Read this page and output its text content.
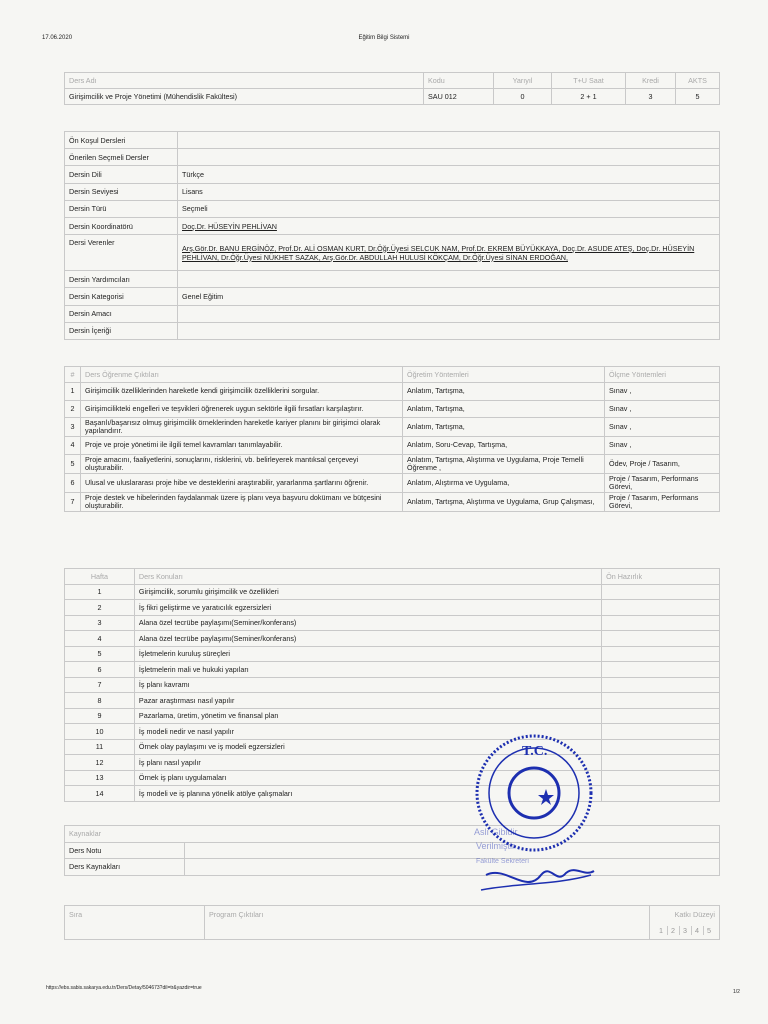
17.06.2020	Eğitim Bilgi Sistemi
Ders Adı	Kodu	Yarıyıl	T+U Saat	Kredi	AKTS
Girişimcilik ve Proje Yönetimi (Mühendislik Fakültesi)	SAU 012	0	2 + 1	3	5
Ön Koşul Dersleri	
Önerilen Seçmeli Dersler	
Dersin Dili	Türkçe
Dersin Seviyesi	Lisans
Dersin Türü	Seçmeli
Dersin Koordinatörü	Doç.Dr. HÜSEYİN PEHLİVAN
Dersi Verenler	Arş.Gör.Dr. BANU ERGİNÖZ, Prof.Dr. ALİ OSMAN KURT, Dr.Öğr.Üyesi SELCUK NAM, Prof.Dr. EKREM BÜYÜKKAYA, Doç.Dr. ASUDE ATEŞ, Doç.Dr. HÜSEYİN PEHLİVAN, Dr.Öğr.Üyesi NÜKHET SAZAK, Arş.Gör.Dr. ABDULLAH HULUSİ KÖKÇAM, Dr.Öğr.Üyesi SİNAN ERDOĞAN,
Dersin Yardımcıları	
Dersin Kategorisi	Genel Eğitim
Dersin Amacı	
Dersin İçeriği	
#	Ders Öğrenme Çıktıları	Öğretim Yöntemleri	Ölçme Yöntemleri
1	Girişimcilik özelliklerinden hareketle kendi girişimcilik özelliklerini sorgular.	Anlatım, Tartışma,	Sınav ,
2	Girişimcilikteki engelleri ve teşvikleri öğrenerek uygun sektörle ilgili fırsatları karşılaştırır.	Anlatım, Tartışma,	Sınav ,
3	Başarılı/başarısız olmuş girişimcilik örneklerinden hareketle kariyer planını bir girişimci olarak yapılandırır.	Anlatım, Tartışma,	Sınav ,
4	Proje ve proje yönetimi ile ilgili temel kavramları tanımlayabilir.	Anlatım, Soru-Cevap, Tartışma,	Sınav ,
5	Proje amacını, faaliyetlerini, sonuçlarını, risklerini, vb. belirleyerek mantıksal çerçeveyi oluşturabilir.	Anlatım, Tartışma, Alıştırma ve Uygulama, Proje Temelli Öğrenme ,	Ödev, Proje / Tasarım,
6	Ulusal ve uluslararası proje hibe ve desteklerini araştırabilir, yararlanma şartlarını öğrenir.	Anlatım, Alıştırma ve Uygulama,	Proje / Tasarım, Performans Görevi,
7	Proje destek ve hibelerinden faydalanmak üzere iş planı veya başvuru dokümanı ve bütçesini oluşturabilir.	Anlatım, Tartışma, Alıştırma ve Uygulama, Grup Çalışması,	Proje / Tasarım, Performans Görevi,
Hafta	Ders Konuları	Ön Hazırlık
1	Girişimcilik, sorumlu girişimcilik ve özellikleri	
2	İş fikri geliştirme ve yaratıcılık egzersizleri	
3	Alana özel tecrübe paylaşımı(Seminer/konferans)	
4	Alana özel tecrübe paylaşımı(Seminer/konferans)	
5	İşletmelerin kuruluş süreçleri	
6	İşletmelerin mali ve hukuki yapıları	
7	İş planı kavramı	
8	Pazar araştırması nasıl yapılır	
9	Pazarlama, üretim, yönetim ve finansal plan	
10	İş modeli nedir ve nasıl yapılır	
11	Örnek olay paylaşımı ve iş modeli egzersizleri	
12	İş planı nasıl yapılır	
13	Örnek iş planı uygulamaları	
14	İş modeli ve iş planına yönelik atölye çalışmaları	
Kaynaklar	
Ders Notu	
Ders Kaynakları	
Sıra	Program Çıktıları	Katkı Düzeyi
		1 2 3 4 5
T.C.
Aslı Gibidir
Verilmiştir
Fakülte Sekreteri
https://ebs.sabis.sakarya.edu.tr/Ders/Detay/504673?dil=tr&yazdir=true
1/2
